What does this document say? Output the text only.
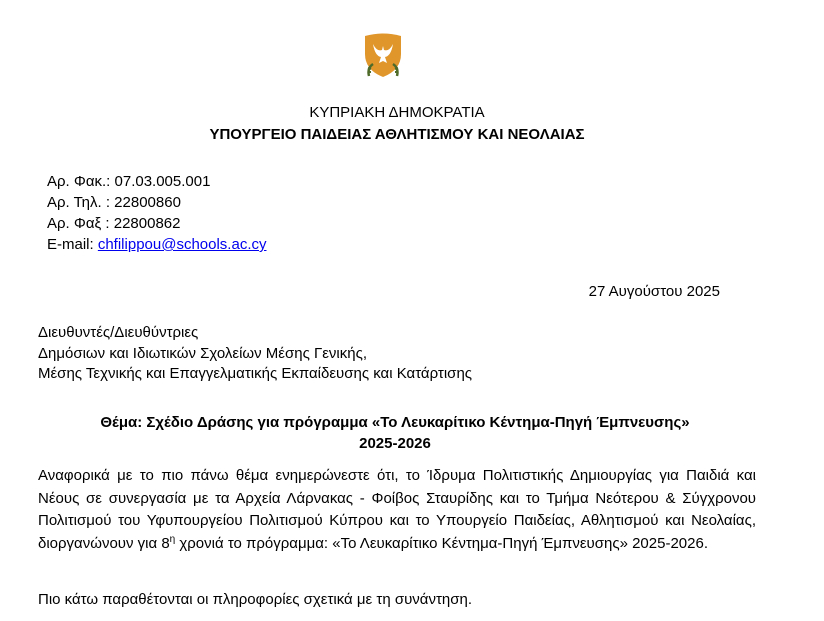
ΚΥΠΡΙΑΚΗ ΔΗΜΟΚΡΑΤΙΑ
ΥΠΟΥΡΓΕΙΟ ΠΑΙΔΕΙΑΣ ΑΘΛΗΤΙΣΜΟΥ ΚΑΙ ΝΕΟΛΑΙΑΣ
Αρ. Φακ.: 07.03.005.001
Αρ. Τηλ. : 22800860
Αρ. Φαξ : 22800862
E-mail: chfilippou@schools.ac.cy
27 Αυγούστου 2025
Διευθυντές/Διευθύντριες
Δημόσιων και Ιδιωτικών Σχολείων Μέσης Γενικής,
Μέσης Τεχνικής και Επαγγελματικής Εκπαίδευσης και Κατάρτισης
Θέμα: Σχέδιο Δράσης για πρόγραμμα «Το Λευκαρίτικο Κέντημα-Πηγή Έμπνευσης»
2025-2026
Αναφορικά με το πιο πάνω θέμα ενημερώνεστε ότι, το Ίδρυμα Πολιτιστικής Δημιουργίας για Παιδιά και Νέους σε συνεργασία με τα Αρχεία Λάρνακας - Φοίβος Σταυρίδης και το Τμήμα Νεότερου & Σύγχρονου Πολιτισμού του Υφυπουργείου Πολιτισμού Κύπρου και το Υπουργείο Παιδείας, Αθλητισμού και Νεολαίας, διοργανώνουν για $8^\eta$ χρονιά το πρόγραμμα: «Το Λευκαρίτικο Κέντημα-Πηγή Έμπνευσης» 2025-2026.
Πιο κάτω παραθέτονται οι πληροφορίες σχετικά με τη συνάντηση.
